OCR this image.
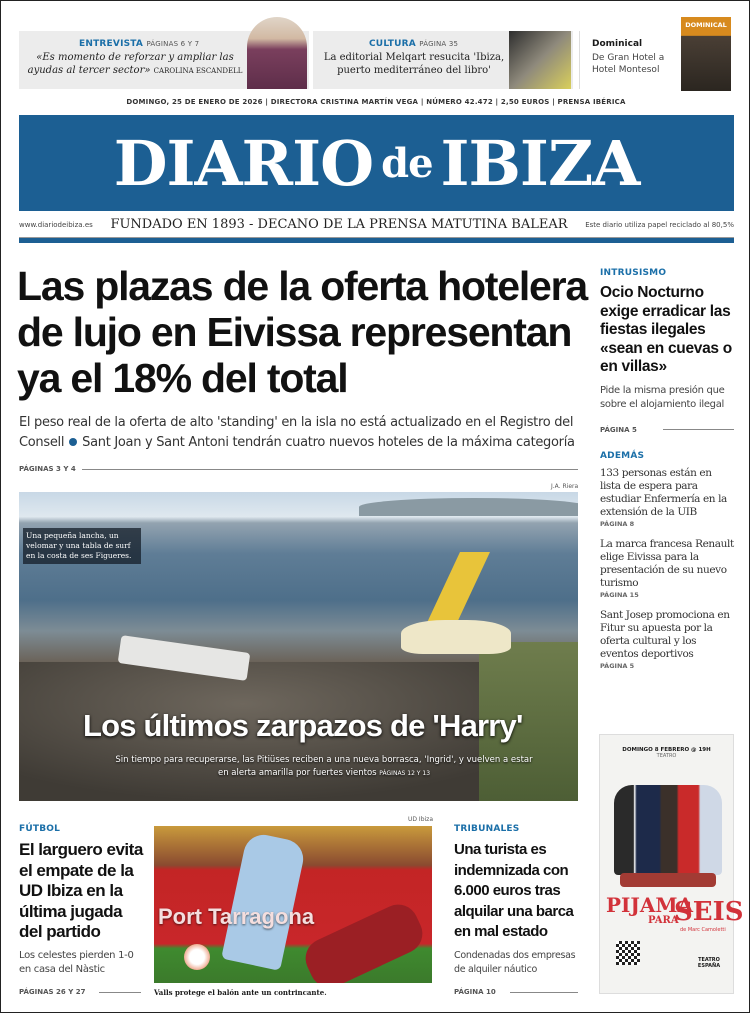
ENTREVISTA PÁGINAS 6 Y 7
«Es momento de reforzar y ampliar las ayudas al tercer sector» CAROLINA ESCANDELL
CULTURA PÁGINA 35
La editorial Melqart resucita 'Ibiza, puerto mediterráneo del libro'
Dominical
De Gran Hotel a Hotel Montesol
DOMINICAL
DOMINGO, 25 DE ENERO DE 2026 | DIRECTORA CRISTINA MARTÍN VEGA | NÚMERO 42.472 | 2,50 EUROS | PRENSA IBÉRICA
DIARIO de IBIZA
www.diariodeibiza.es FUNDADO EN 1893 - DECANO DE LA PRENSA MATUTINA BALEAR	Este diario utiliza papel reciclado al 80,5%
Las plazas de la oferta hotelera de lujo en Eivissa representan ya el 18% del total
El peso real de la oferta de alto 'standing' en la isla no está actualizado en el Registro del Consell Sant Joan y Sant Antoni tendrán cuatro nuevos hoteles de la máxima categoría
PÁGINAS 3 Y 4
J.A. Riera
Una pequeña lancha, un velomar y una tabla de surf en la costa de ses Figueres.
Los últimos zarpazos de 'Harry'
Sin tiempo para recuperarse, las Pitiüses reciben a una nueva borrasca, 'Ingrid', y vuelven a estar en alerta amarilla por fuertes vientos PÁGINAS 12 Y 13
INTRUSISMO
Ocio Nocturno exige erradicar las fiestas ilegales «sean en cuevas o en villas»
Pide la misma presión que sobre el alojamiento ilegal
PÁGINA 5
ADEMÁS
133 personas están en lista de espera para estudiar Enfermería en la extensión de la UIB
PÁGINA 8
La marca francesa Renault elige Eivissa para la presentación de su nuevo turismo
PÁGINA 15
Sant Josep promociona en Fitur su apuesta por la oferta cultural y los eventos deportivos
PÁGINA 5
DOMINGO 8 FEBRERO @ 19H
TEATRO
PIJAMA
PARA
SEIS
de Marc Camoletti
TEATRO ESPAÑA
FÚTBOL
El larguero evita el empate de la UD Ibiza en la última jugada del partido
Los celestes pierden 1-0 en casa del Nàstic
PÁGINAS 26 Y 27
UD Ibiza
Port Tarragona
Valls protege el balón ante un contrincante.
TRIBUNALES
Una turista es indemnizada con 6.000 euros tras alquilar una barca en mal estado
Condenadas dos empresas de alquiler náutico
PÁGINA 10
